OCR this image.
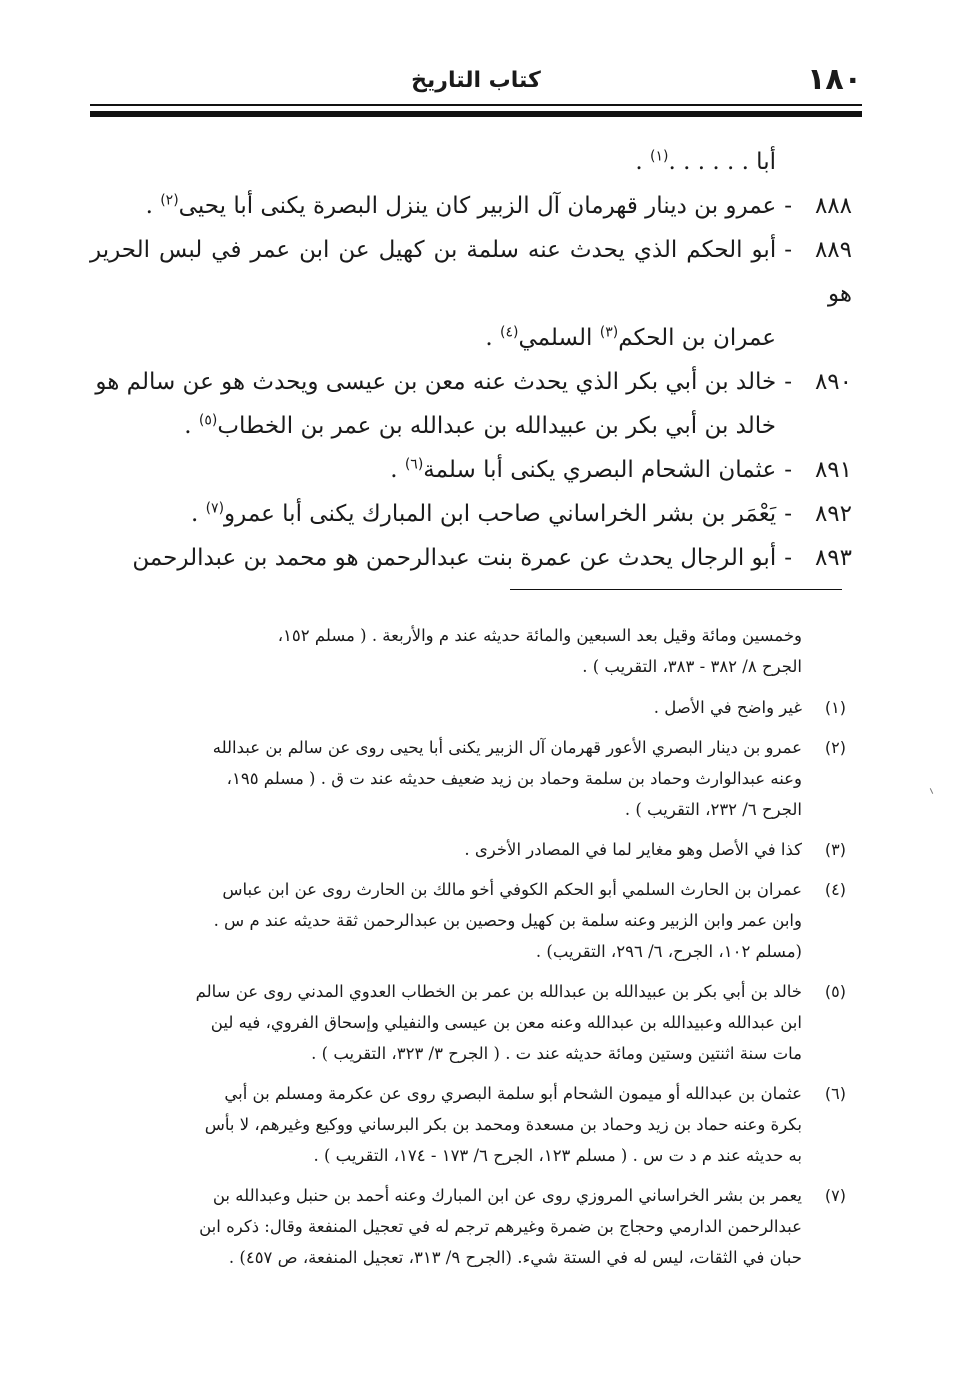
١٨٠
كتاب التاريخ
أبا . . . . . .$^{(١)}$ .
٨٨٨-عمرو بن دينار قهرمان آل الزبير كان ينزل البصرة يكنى أبا يحيى$^{(٢)}$ .
٨٨٩-أبو الحكم الذي يحدث عنه سلمة بن كهيل عن ابن عمر في لبس الحرير هو
عمران بن الحكم$^{(٣)}$ السلمي$^{(٤)}$ .
٨٩٠-خالد بن أبي بكر الذي يحدث عنه معن بن عيسى ويحدث هو عن سالم هو
خالد بن أبي بكر بن عبيدالله بن عبدالله بن عمر بن الخطاب$^{(٥)}$ .
٨٩١-عثمان الشحام البصري يكنى أبا سلمة$^{(٦)}$ .
٨٩٢-يَعْمَر بن بشر الخراساني صاحب ابن المبارك يكنى أبا عمرو$^{(٧)}$ .
٨٩٣-أبو الرجال يحدث عن عمرة بنت عبدالرحمن هو محمد بن عبدالرحمن
وخمسين ومائة وقيل بعد السبعين والمائة حديثه عند م والأربعة . ( مسلم ١٥٢،
الجرح ٨/ ٣٨٢ - ٣٨٣، التقريب ) .
(١)
غير واضح في الأصل .
(٢)
عمرو بن دينار البصري الأعور قهرمان آل الزبير يكنى أبا يحيى روى عن سالم بن عبدالله
وعنه عبدالوارث وحماد بن سلمة وحماد بن زيد ضعيف حديثه عند ت ق . ( مسلم ١٩٥،
الجرح ٦/ ٢٣٢، التقريب ) .
(٣)
كذا في الأصل وهو مغاير لما في المصادر الأخرى .
(٤)
عمران بن الحارث السلمي أبو الحكم الكوفي أخو مالك بن الحارث روى عن ابن عباس
وابن عمر وابن الزبير وعنه سلمة بن كهيل وحصين بن عبدالرحمن ثقة حديثه عند م س .
(مسلم ١٠٢، الجرح، ٦/ ٢٩٦، التقريب) .
(٥)
خالد بن أبي بكر بن عبيدالله بن عبدالله بن عمر بن الخطاب العدوي المدني روى عن سالم
ابن عبدالله وعبيدالله بن عبدالله وعنه معن بن عيسى والنفيلي وإسحاق الفروي، فيه لين
مات سنة اثنتين وستين ومائة حديثه عند ت . ( الجرح ٣/ ٣٢٣، التقريب ) .
(٦)
عثمان بن عبدالله أو ميمون الشحام أبو سلمة البصري روى عن عكرمة ومسلم بن أبي
بكرة وعنه حماد بن زيد وحماد بن مسعدة ومحمد بن بكر البرساني ووكيع وغيرهم، لا بأس
به حديثه عند م د ت س . ( مسلم ١٢٣، الجرح ٦/ ١٧٣ - ١٧٤، التقريب ) .
(٧)
يعمر بن بشر الخراساني المروزي روى عن ابن المبارك وعنه أحمد بن حنبل وعبدالله بن
عبدالرحمن الدارمي وحجاج بن ضمرة وغيرهم ترجم له في تعجيل المنفعة وقال: ذكره ابن
حبان في الثقات، ليس له في الستة شيء. (الجرح ٩/ ٣١٣، تعجيل المنفعة، ص ٤٥٧) .
